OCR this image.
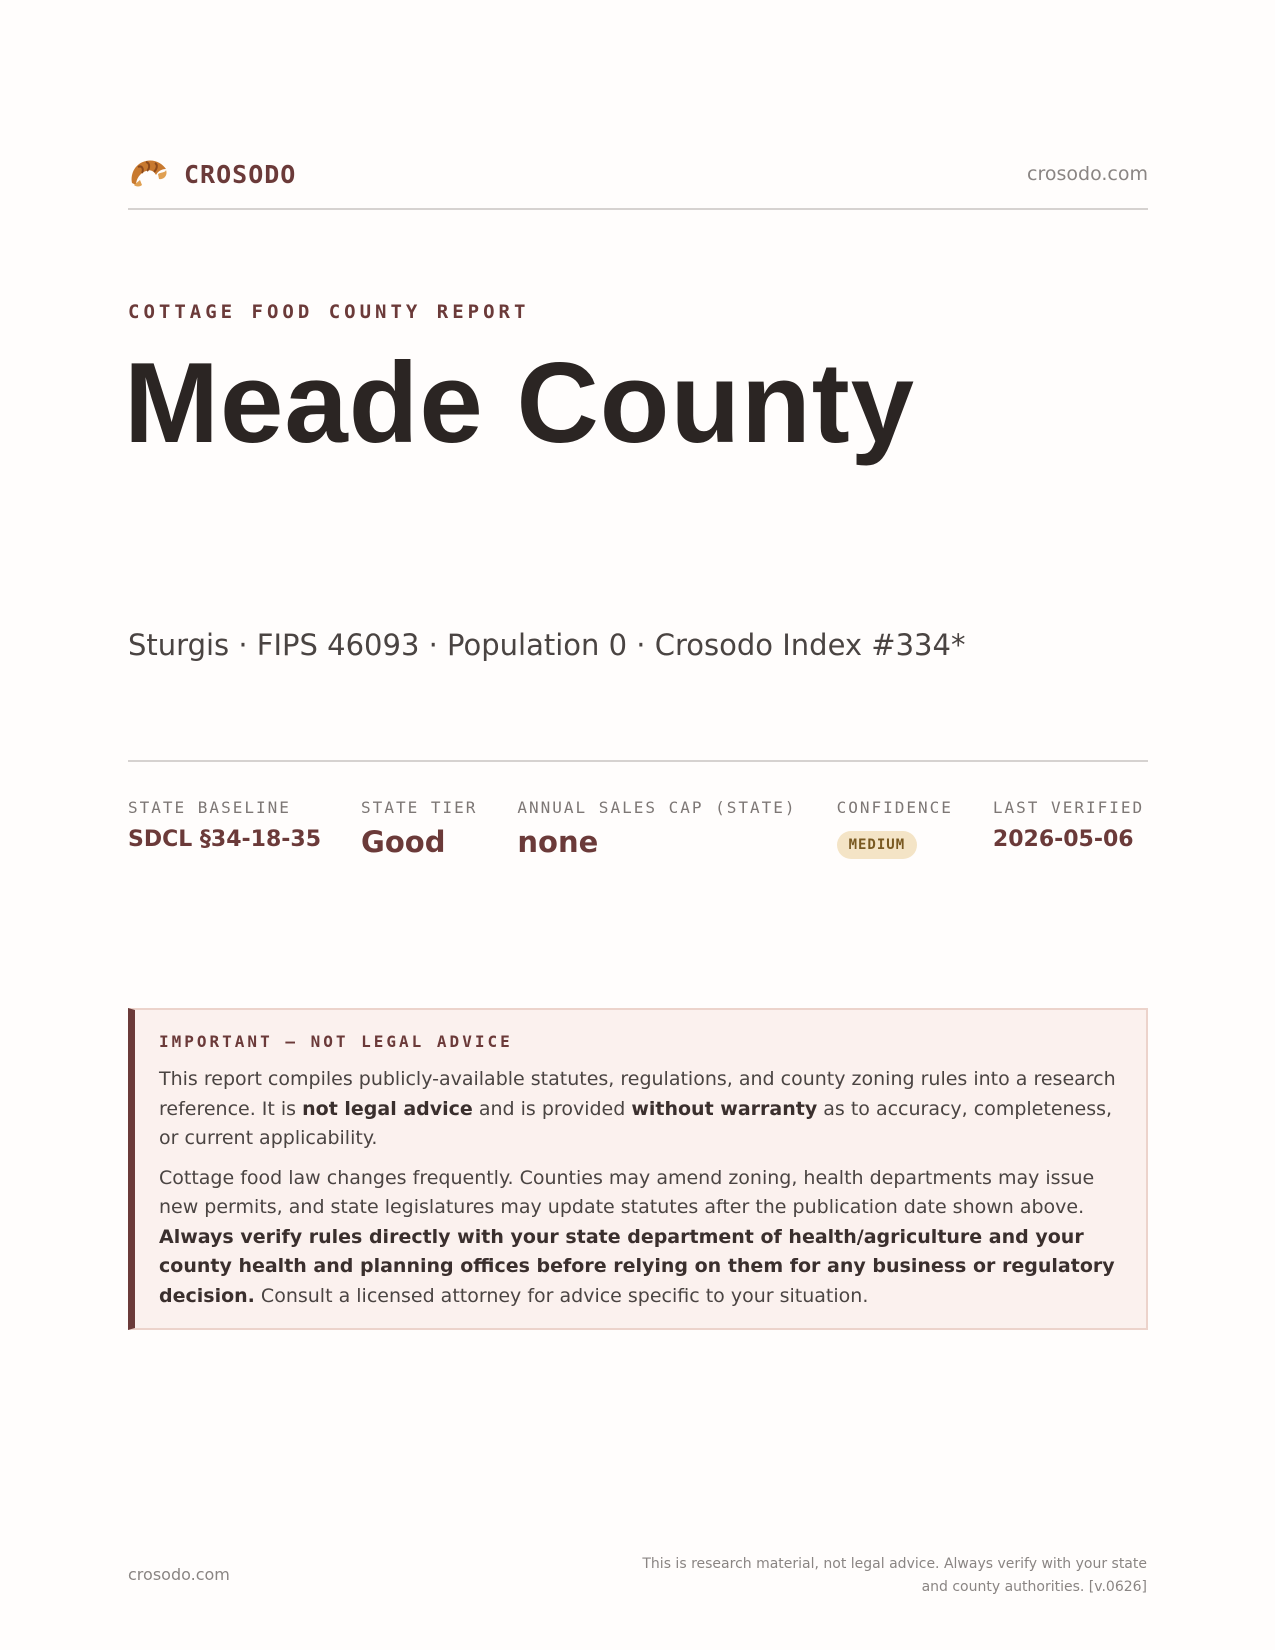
CROSODO	crosodo.com
COTTAGE FOOD COUNTY REPORT
Meade County
Sturgis · FIPS 46093 · Population 0 · Crosodo Index #334*
STATE BASELINE
SDCL §34-18-35
STATE TIER
Good
ANNUAL SALES CAP (STATE)
none
CONFIDENCE
MEDIUM
LAST VERIFIED
2026-05-06
IMPORTANT — NOT LEGAL ADVICE

This report compiles publicly-available statutes, regulations, and county zoning rules into a research reference. It is not legal advice and is provided without warranty as to accuracy, completeness, or current applicability.

Cottage food law changes frequently. Counties may amend zoning, health departments may issue new permits, and state legislatures may update statutes after the publication date shown above. Always verify rules directly with your state department of health/agriculture and your county health and planning offices before relying on them for any business or regulatory decision. Consult a licensed attorney for advice specific to your situation.

crosodo.com
This is research material, not legal advice. Always verify with your state and county authorities. [v.0626]
